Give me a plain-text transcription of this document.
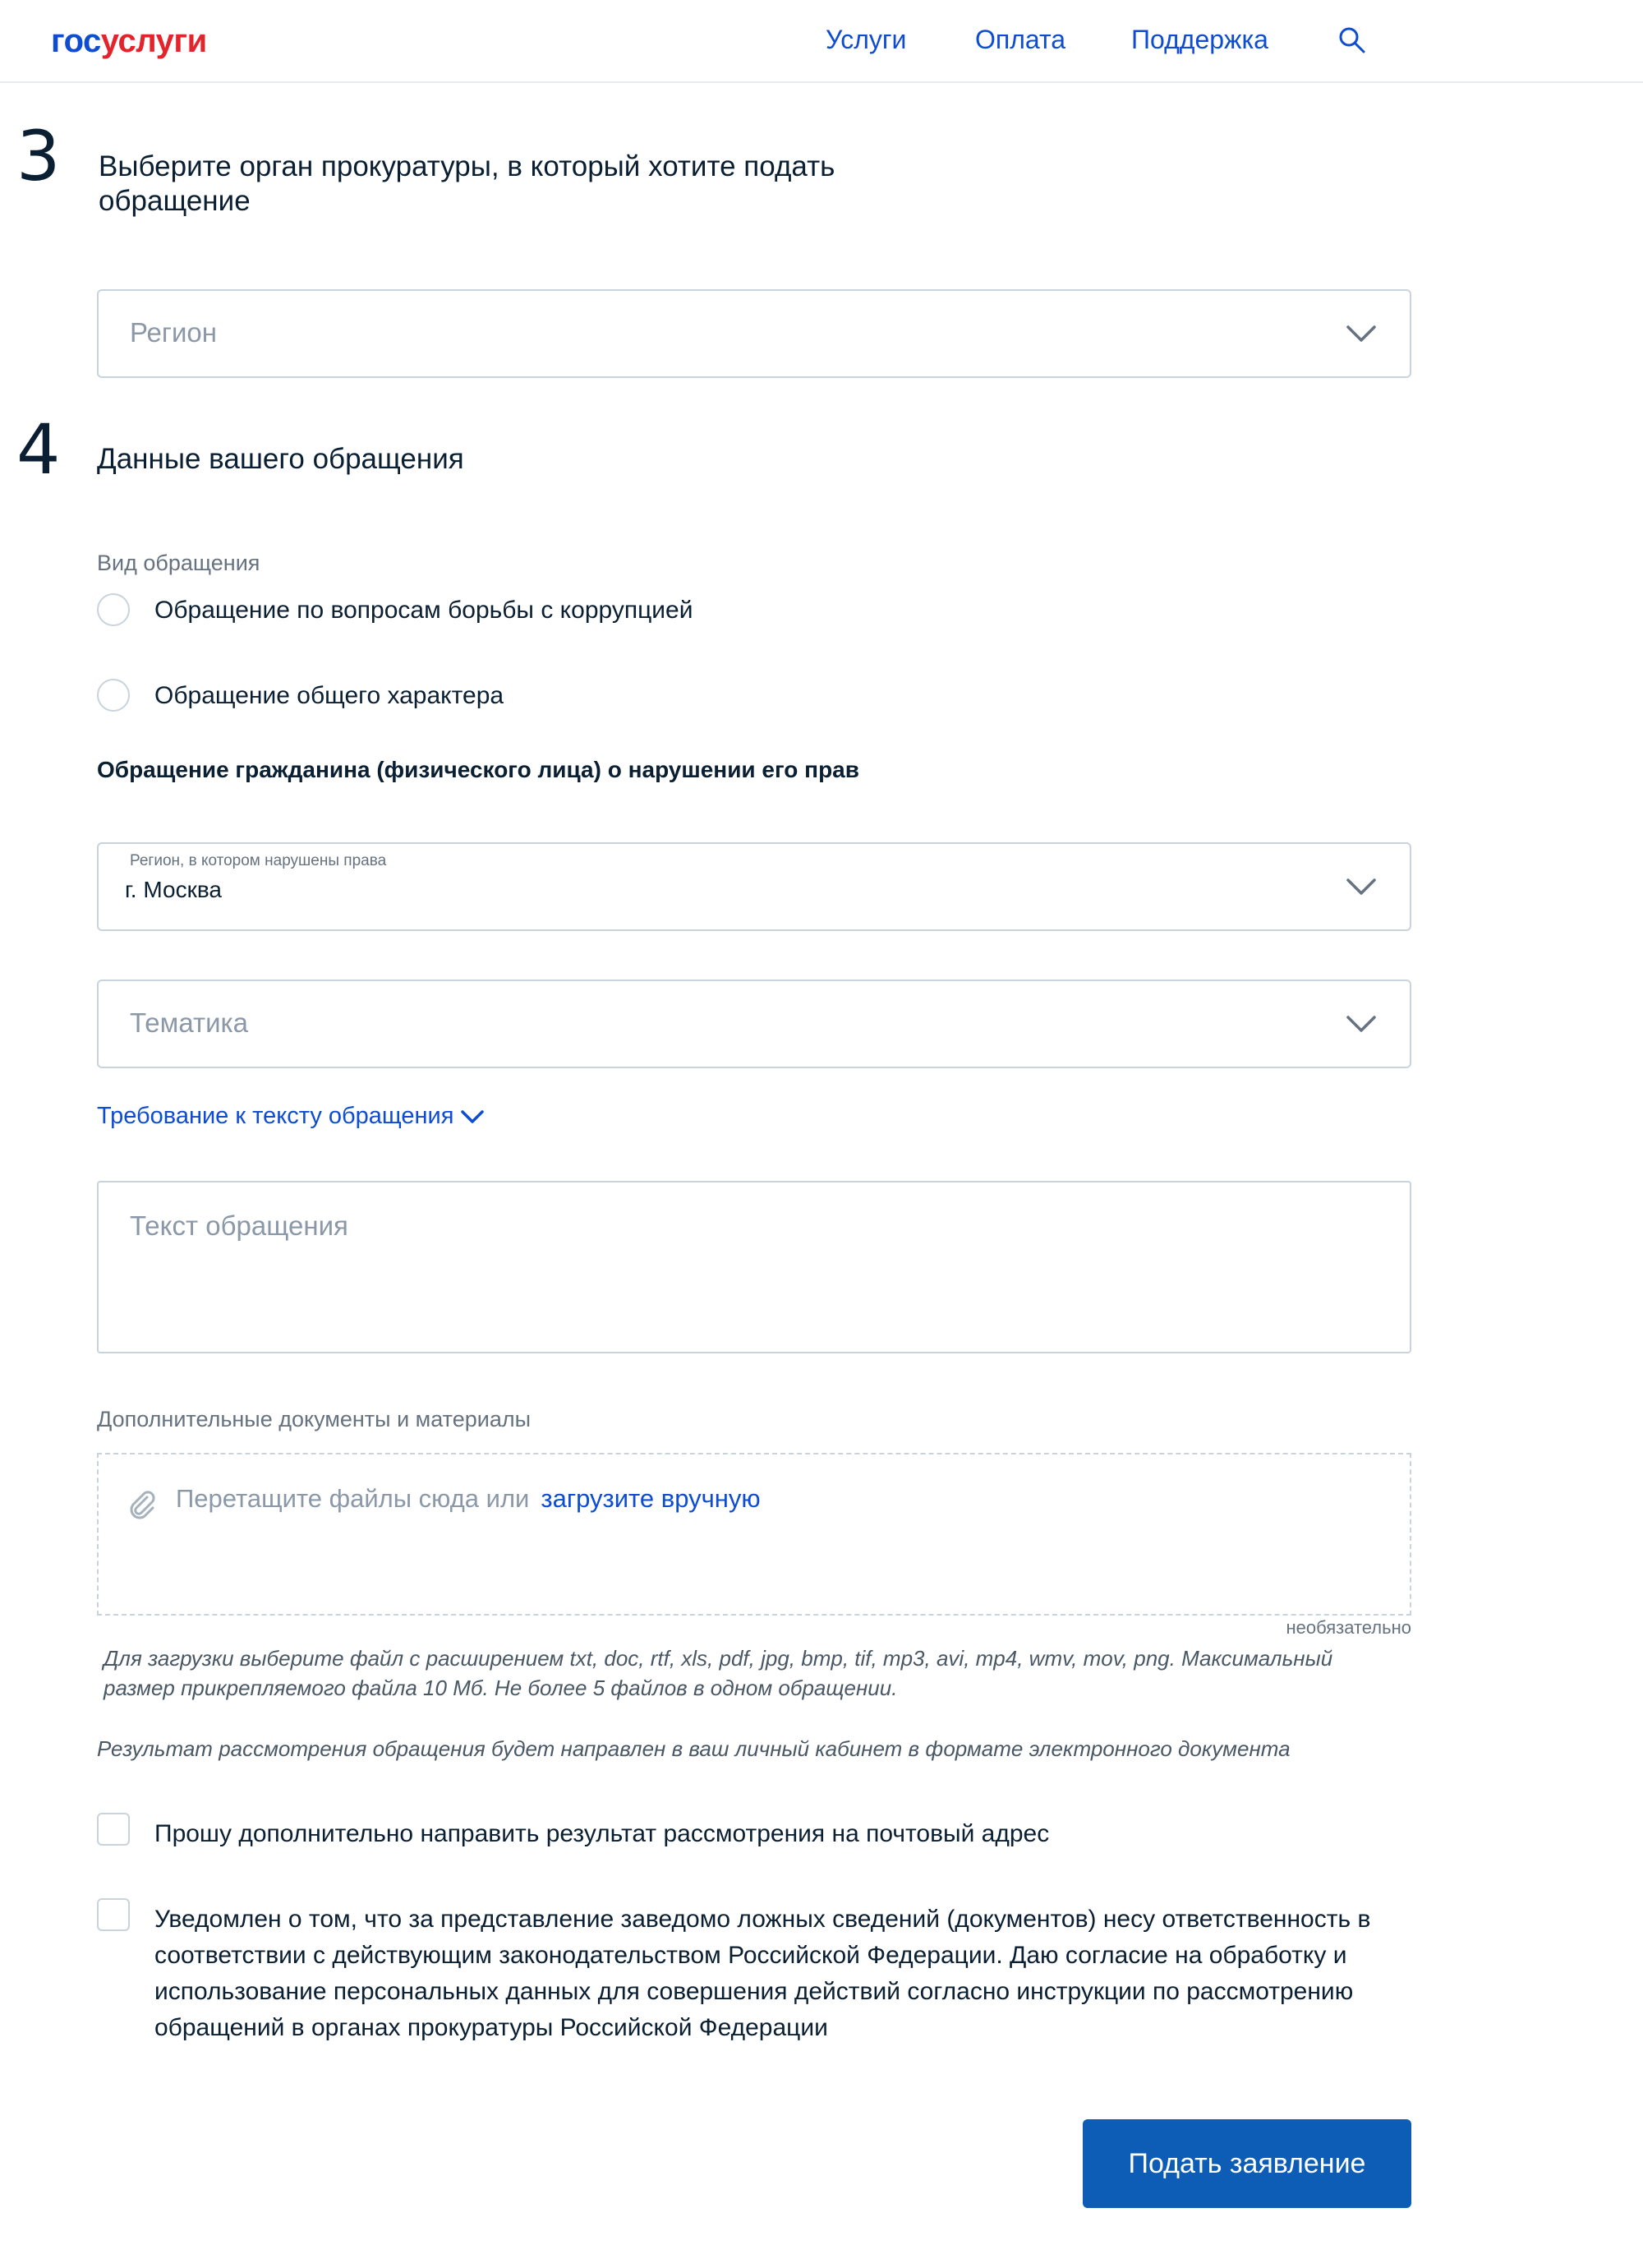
госуслуги	Услуги	Оплата Поддержка
3 Выберите орган прокуратуры, в который хотите подать
обращение
Регион
4 Данные вашего обращения
Вид обращения
Обращение по вопросам борьбы с коррупцией
Обращение общего характера
Обращение гражданина (физического лица) о нарушении его прав
Регион, в котором нарушены права
г. Москва
Тематика
Требование к тексту обращения
Текст обращения
Дополнительные документы и материалы
Перетащите файлы сюда или загрузите вручную
необязательно
Для загрузки выберите файл с расширением txt, doc, rtf, xls, pdf, jpg, bmp, tif, mp3, avi, mp4, wmv, mov, png. Максимальный
размер прикрепляемого файла 10 Мб. Не более 5 файлов в одном обращении.
Результат рассмотрения обращения будет направлен в ваш личный кабинет в формате электронного документа
Прошу дополнительно направить результат рассмотрения на почтовый адрес
Уведомлен о том, что за представление заведомо ложных сведений (документов) несу ответственность в
соответствии с действующим законодательством Российской Федерации. Даю согласие на обработку и
использование персональных данных для совершения действий согласно инструкции по рассмотрению
обращений в органах прокуратуры Российской Федерации
Подать заявление
